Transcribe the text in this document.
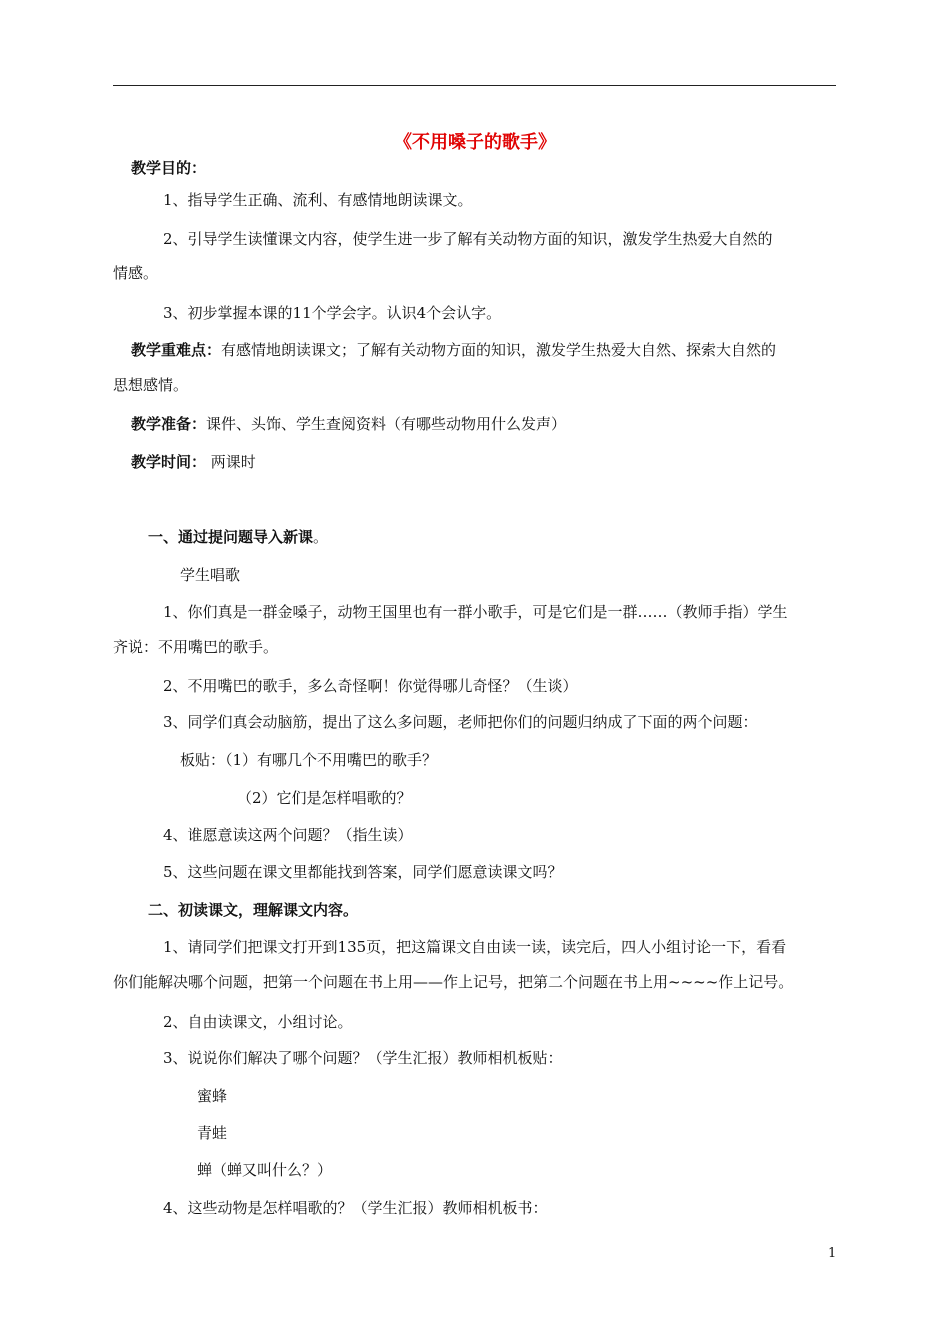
《不用嗓子的歌手》
教学目的：
1、指导学生正确、流利、有感情地朗读课文。
2、引导学生读懂课文内容，使学生进一步了解有关动物方面的知识，激发学生热爱大自然的
情感。
3、初步掌握本课的11个学会字。认识4个会认字。
教学重难点：有感情地朗读课文；了解有关动物方面的知识，激发学生热爱大自然、探索大自然的
思想感情。
教学准备：课件、头饰、学生查阅资料（有哪些动物用什么发声）
教学时间： 两课时
一、通过提问题导入新课。
学生唱歌
1、你们真是一群金嗓子，动物王国里也有一群小歌手，可是它们是一群……（教师手指）学生
齐说：不用嘴巴的歌手。
2、不用嘴巴的歌手，多么奇怪啊！你觉得哪儿奇怪？（生谈）
3、同学们真会动脑筋，提出了这么多问题，老师把你们的问题归纳成了下面的两个问题：
板贴：（1）有哪几个不用嘴巴的歌手？
（2）它们是怎样唱歌的？
4、谁愿意读这两个问题？（指生读）
5、这些问题在课文里都能找到答案，同学们愿意读课文吗？
二、初读课文，理解课文内容。
1、请同学们把课文打开到135页，把这篇课文自由读一读，读完后，四人小组讨论一下，看看
你们能解决哪个问题，把第一个问题在书上用——作上记号，把第二个问题在书上用~~~~作上记号。
2、自由读课文，小组讨论。
3、说说你们解决了哪个问题？（学生汇报）教师相机板贴：
蜜蜂
青蛙
蝉（蝉又叫什么？）
4、这些动物是怎样唱歌的？（学生汇报）教师相机板书：
1
